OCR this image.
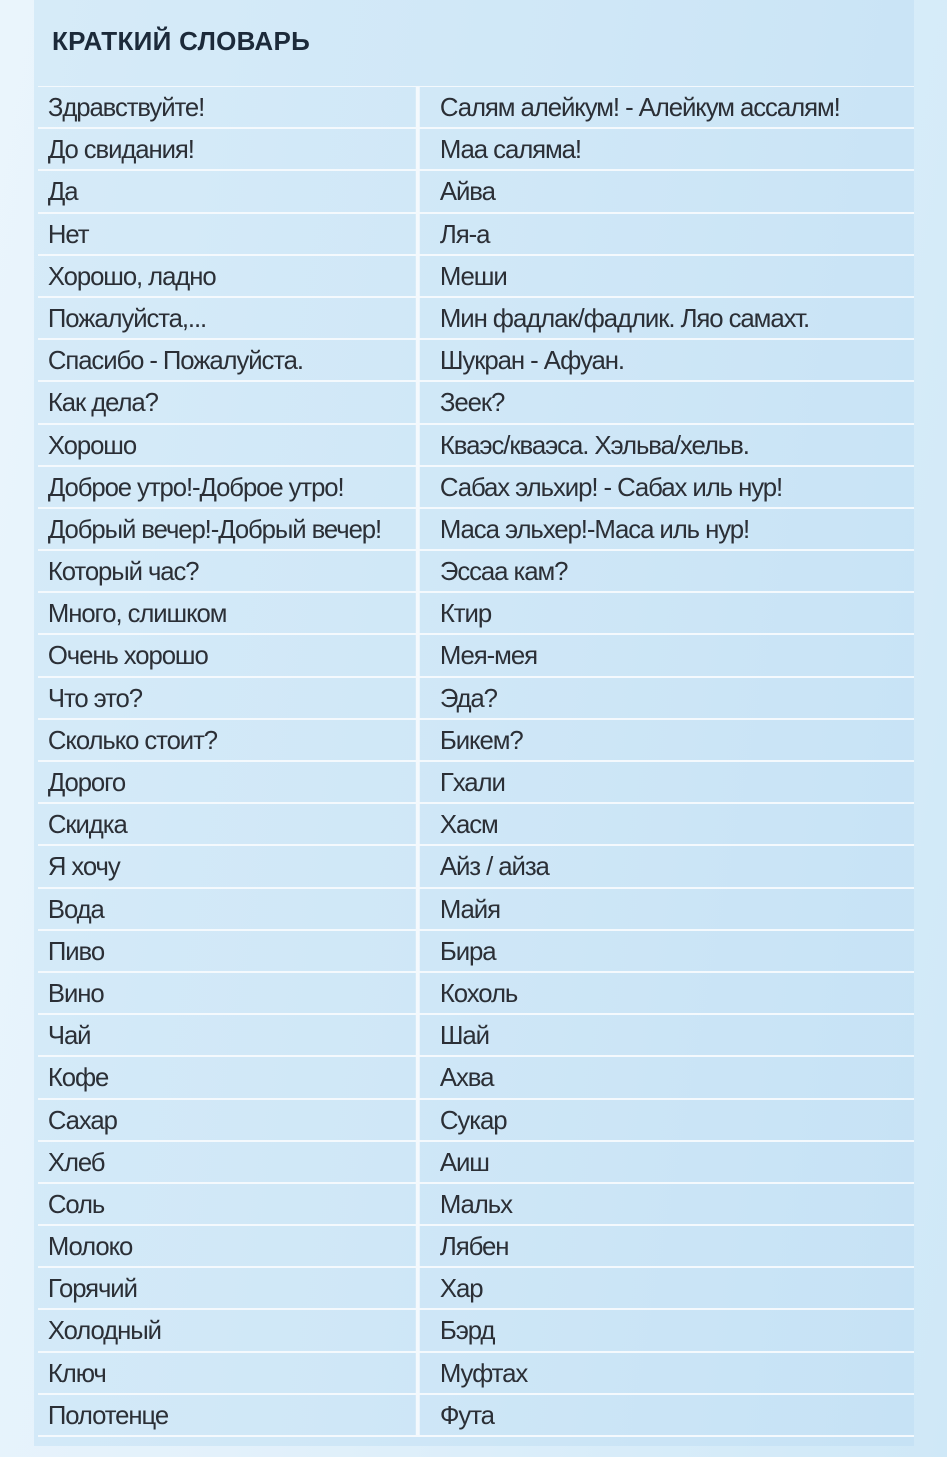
КРАТКИЙ СЛОВАРЬ
Здравствуйте!	Салям алейкум! - Алейкум ассалям!
До свидания!	Маа саляма!
Да	Айва
Нет	Ля-а
Хорошо, ладно	Меши
Пожалуйста,...	Мин фадлак/фадлик. Ляо самахт.
Спасибо - Пожалуйста.	Шукран - Афуан.
Как дела?	Зеек?
Хорошо	Кваэс/кваэса. Хэльва/хельв.
Доброе утро!-Доброе утро!	Сабах эльхир! - Сабах иль нур!
Добрый вечер!-Добрый вечер!	Маса эльхер!-Маса иль нур!
Который час?	Эссаа кам?
Много, слишком	Ктир
Очень хорошо	Мея-мея
Что это?	Эда?
Сколько стоит?	Бикем?
Дорого	Гхали
Скидка	Хасм
Я хочу	Айз / айза
Вода	Майя
Пиво	Бира
Вино	Кохоль
Чай	Шай
Кофе	Ахва
Сахар	Сукар
Хлеб	Аиш
Соль	Мальх
Молоко	Лябен
Горячий	Хар
Холодный	Бэрд
Ключ	Муфтах
Полотенце	Фута
